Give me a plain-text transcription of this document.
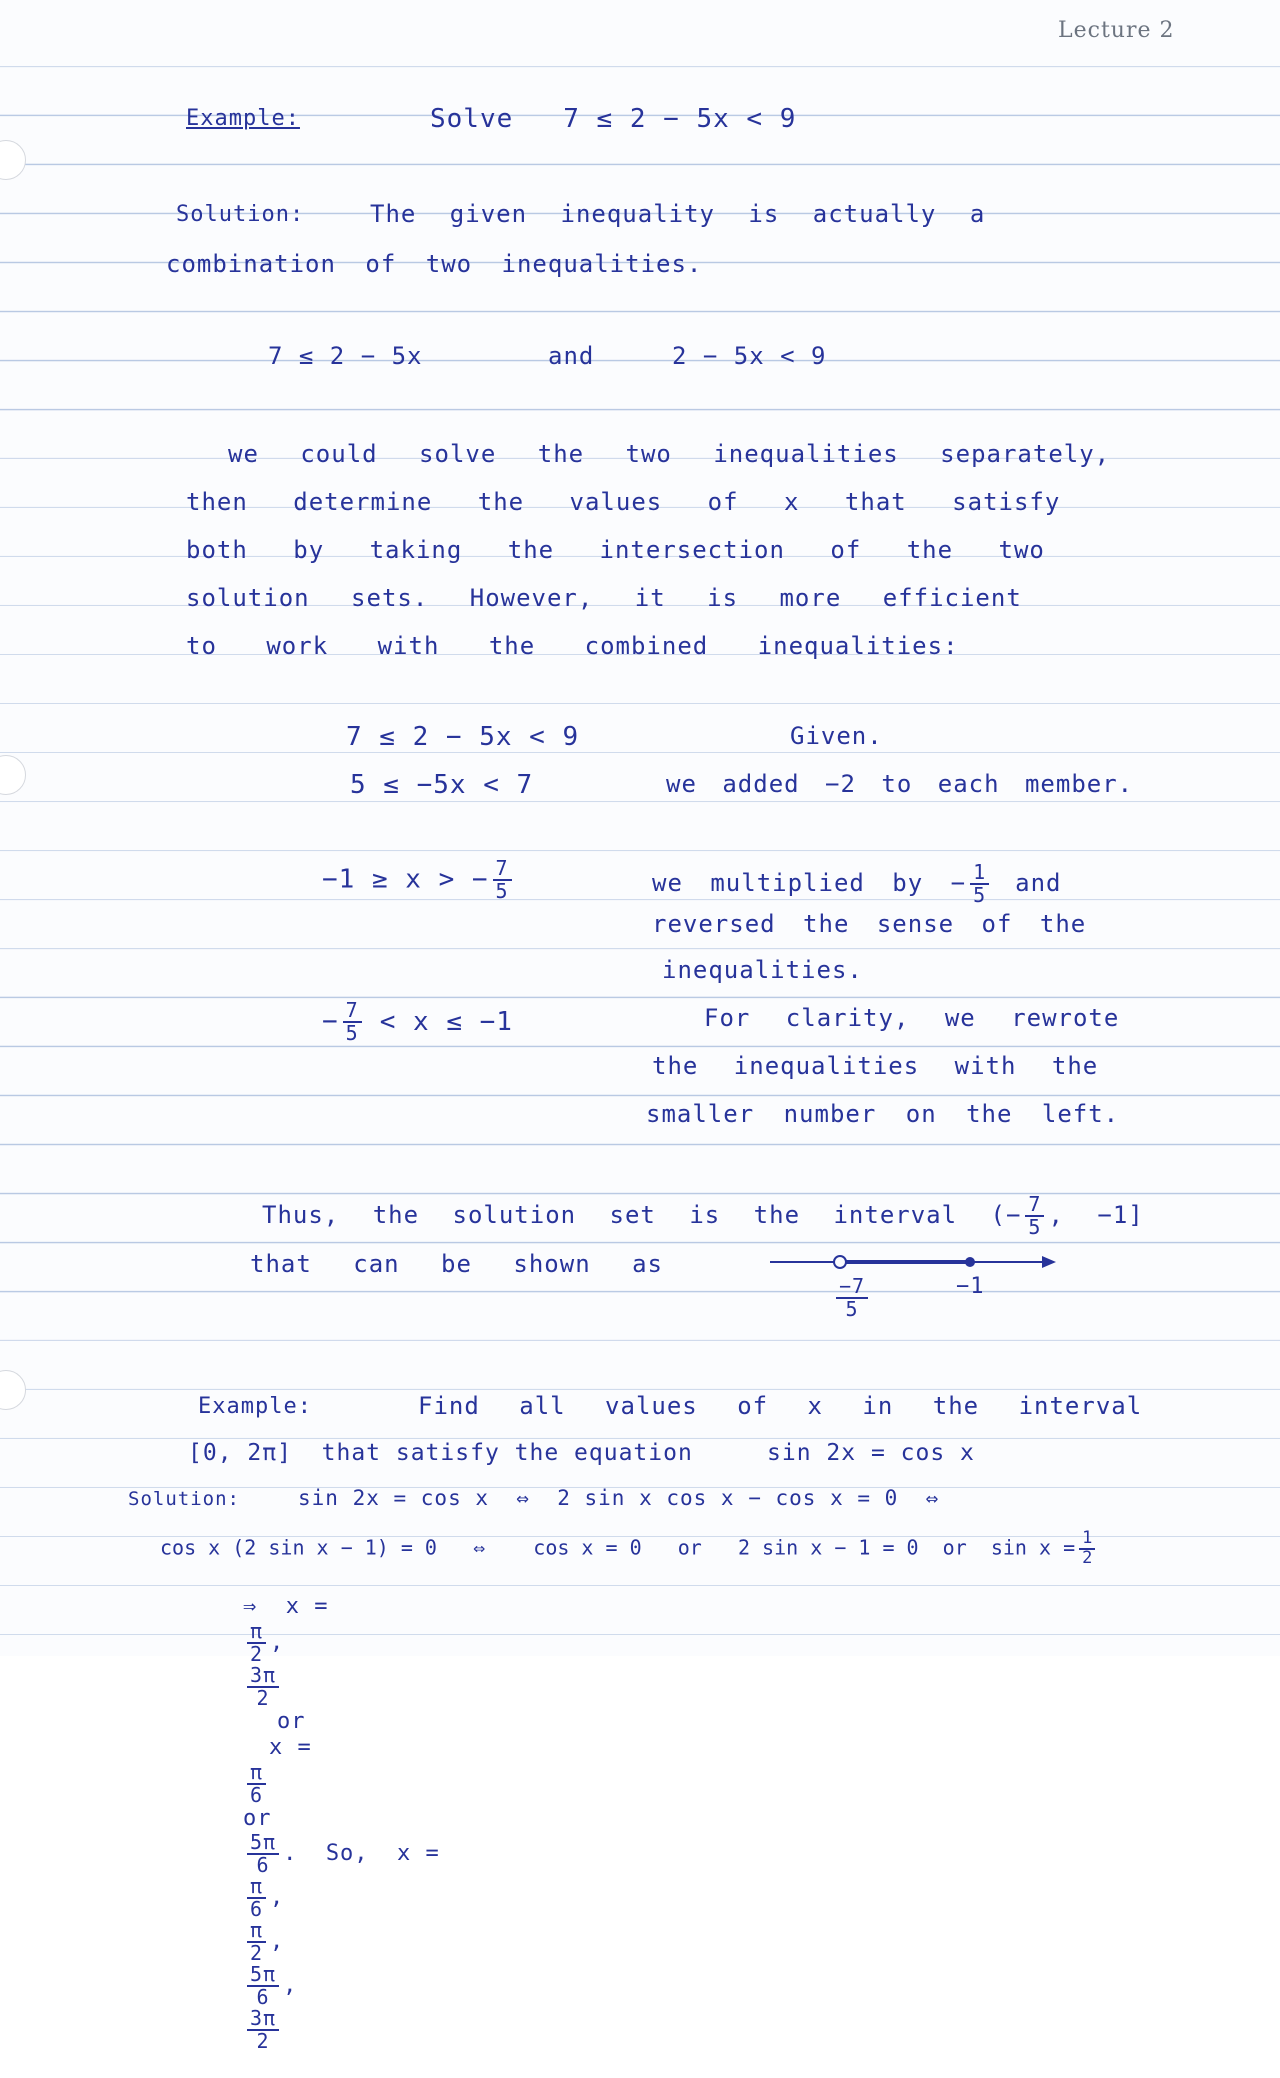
Lecture 2
Example:	Solve   7 ≤ 2 − 5x < 9
Solution:	The given inequality is actually a
combination of two inequalities.
7 ≤ 2 − 5x	and	2 − 5x < 9
we could solve the two inequalities separately,
then determine the values of x that satisfy
both by taking the intersection of the two
solution sets. However, it is more efficient
to work with the combined inequalities:
7 ≤ 2 − 5x < 9	Given.
5 ≤ −5x < 7	we added −2 to each member.
−1 ≥ x > − $\frac{7}{5}$	we multiplied by − $\frac{1}{5}$ and
reversed the sense of the
inequalities.
− $\frac{7}{5} < x \le -1$	For clarity, we rewrote
the inequalities with the
smaller number on the left.
Thus, the solution set is the interval (− $\frac{7}{5}$ , −1]
that can be shown as
$\frac{-7}{5}$	−1
Example:	Find all values of x in the interval
[0, 2π]  that satisfy the equation     sin 2x = cos x
Solution:	sin 2x = cos x  ⇔  2 sin x cos x − cos x = 0  ⇔
cos x (2 sin x − 1) = 0   ⇔    cos x = 0   or   2 sin x − 1 = 0  or  $\sin x = \frac{1}{2}$

⇒  x =

$\frac{\pi}{2}$ ,

$\frac{3\pi}{2}$

or
x =

$\frac{\pi}{6}$

or

$\frac{5\pi}{6}$ .  So,  x =

$\frac{\pi}{6}$ ,

$\frac{\pi}{2}$ ,

$\frac{5\pi}{6}$ ,

$\frac{3\pi}{2}$
